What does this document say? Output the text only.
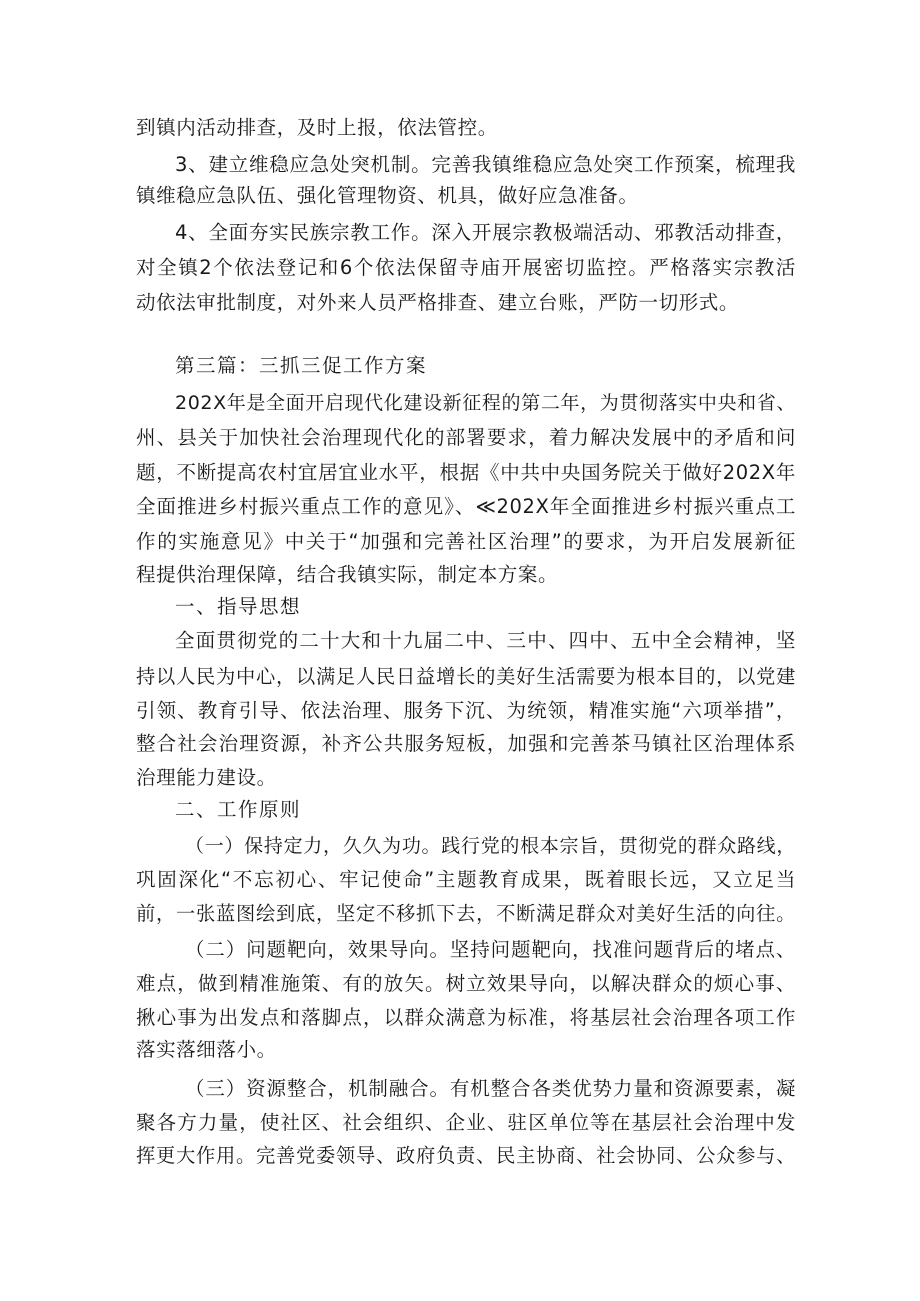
到镇内活动排查，及时上报，依法管控。
3、建立维稳应急处突机制。完善我镇维稳应急处突工作预案，梳理我
镇维稳应急队伍、强化管理物资、机具，做好应急准备。
4、全面夯实民族宗教工作。深入开展宗教极端活动、邪教活动排查，
对全镇2个依法登记和6个依法保留寺庙开展密切监控。严格落实宗教活
动依法审批制度，对外来人员严格排查、建立台账，严防一切形式。
第三篇：三抓三促工作方案
202X年是全面开启现代化建设新征程的第二年，为贯彻落实中央和省、
州、县关于加快社会治理现代化的部署要求，着力解决发展中的矛盾和问
题，不断提高农村宜居宜业水平，根据《中共中央国务院关于做好202X年
全面推进乡村振兴重点工作的意见》、≪202X年全面推进乡村振兴重点工
作的实施意见》中关于“加强和完善社区治理”的要求，为开启发展新征
程提供治理保障，结合我镇实际，制定本方案。
一、指导思想
全面贯彻党的二十大和十九届二中、三中、四中、五中全会精神，坚
持以人民为中心，以满足人民日益增长的美好生活需要为根本目的，以党建
引领、教育引导、依法治理、服务下沉、为统领，精准实施“六项举措”，
整合社会治理资源，补齐公共服务短板，加强和完善茶马镇社区治理体系
治理能力建设。
二、工作原则
（一）保持定力，久久为功。践行党的根本宗旨，贯彻党的群众路线，
巩固深化“不忘初心、牢记使命”主题教育成果，既着眼长远，又立足当
前，一张蓝图绘到底，坚定不移抓下去，不断满足群众对美好生活的向往。
（二）问题靶向，效果导向。坚持问题靶向，找准问题背后的堵点、
难点，做到精准施策、有的放矢。树立效果导向，以解决群众的烦心事、
揪心事为出发点和落脚点，以群众满意为标准，将基层社会治理各项工作
落实落细落小。
（三）资源整合，机制融合。有机整合各类优势力量和资源要素，凝
聚各方力量，使社区、社会组织、企业、驻区单位等在基层社会治理中发
挥更大作用。完善党委领导、政府负责、民主协商、社会协同、公众参与、
